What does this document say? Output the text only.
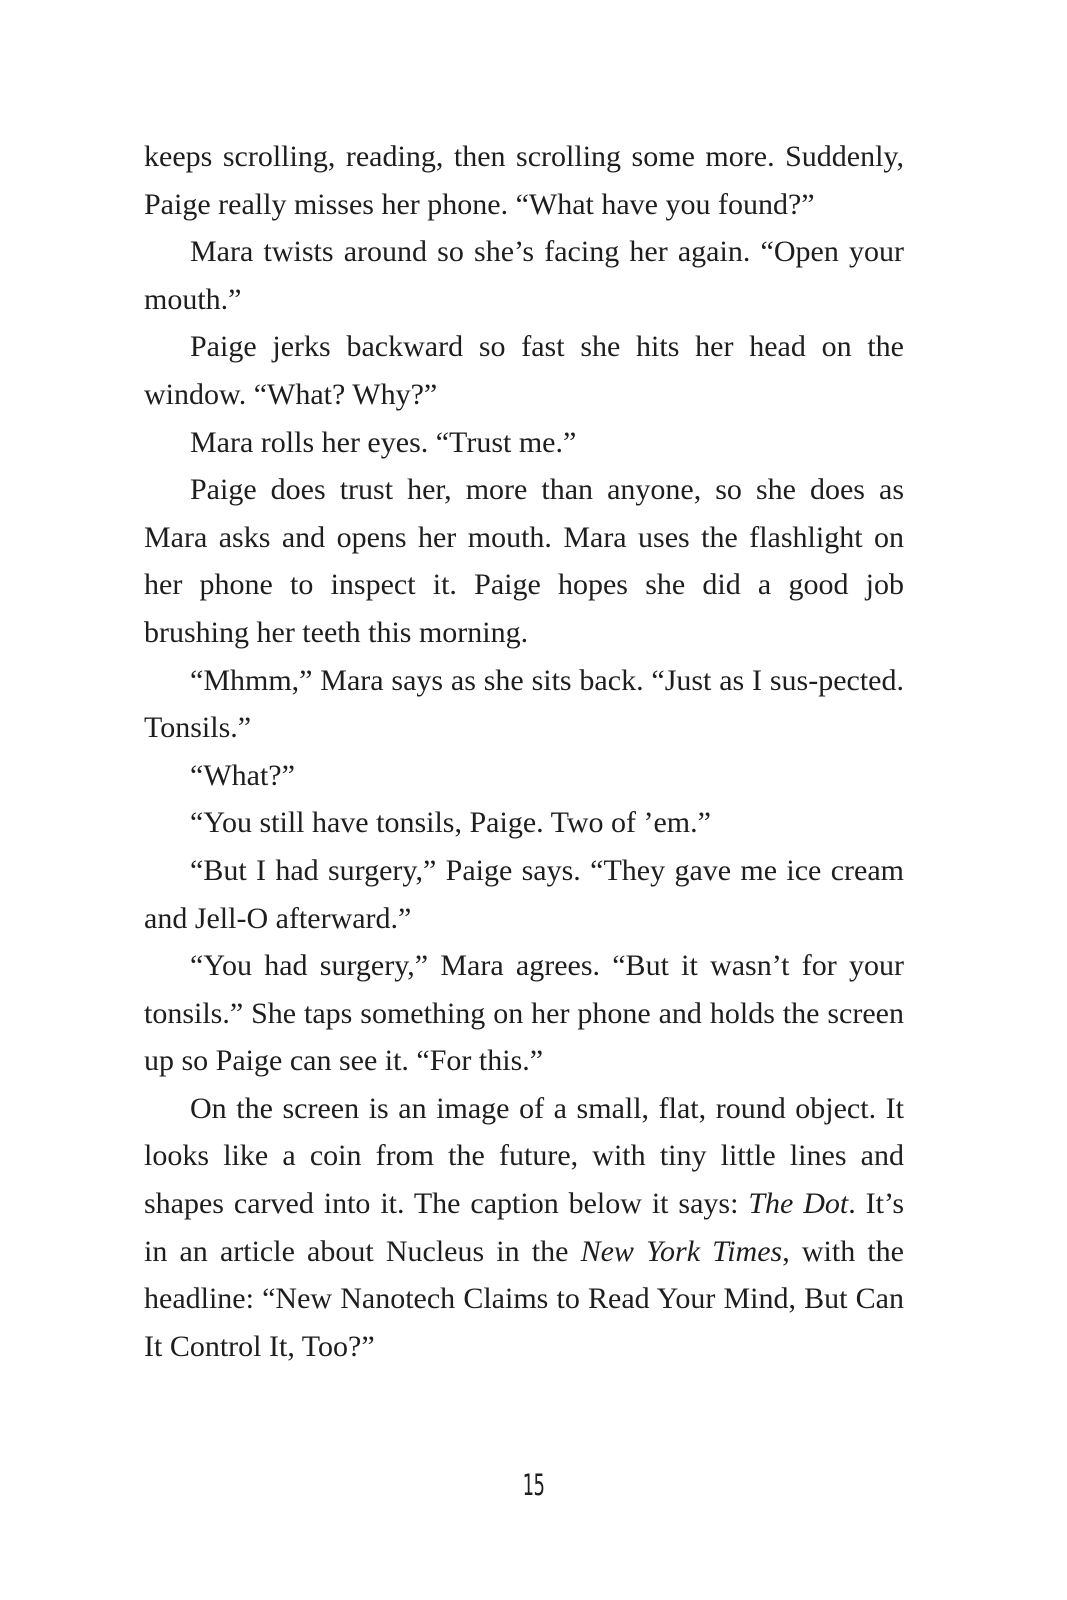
keeps scrolling, reading, then scrolling some more. Suddenly, Paige really misses her phone. “What have you found?”

Mara twists around so she’s facing her again. “Open your mouth.”

Paige jerks backward so fast she hits her head on the window. “What? Why?”

Mara rolls her eyes. “Trust me.”

Paige does trust her, more than anyone, so she does as Mara asks and opens her mouth. Mara uses the flashlight on her phone to inspect it. Paige hopes she did a good job brushing her teeth this morning.

“Mhmm,” Mara says as she sits back. “Just as I sus-pected. Tonsils.”

“What?”

“You still have tonsils, Paige. Two of ’em.”

“But I had surgery,” Paige says. “They gave me ice cream and Jell-O afterward.”

“You had surgery,” Mara agrees. “But it wasn’t for your tonsils.” She taps something on her phone and holds the screen up so Paige can see it. “For this.”

On the screen is an image of a small, flat, round object. It looks like a coin from the future, with tiny little lines and shapes carved into it. The caption below it says: The Dot. It’s in an article about Nucleus in the New York Times, with the headline: “New Nanotech Claims to Read Your Mind, But Can It Control It, Too?”

15
